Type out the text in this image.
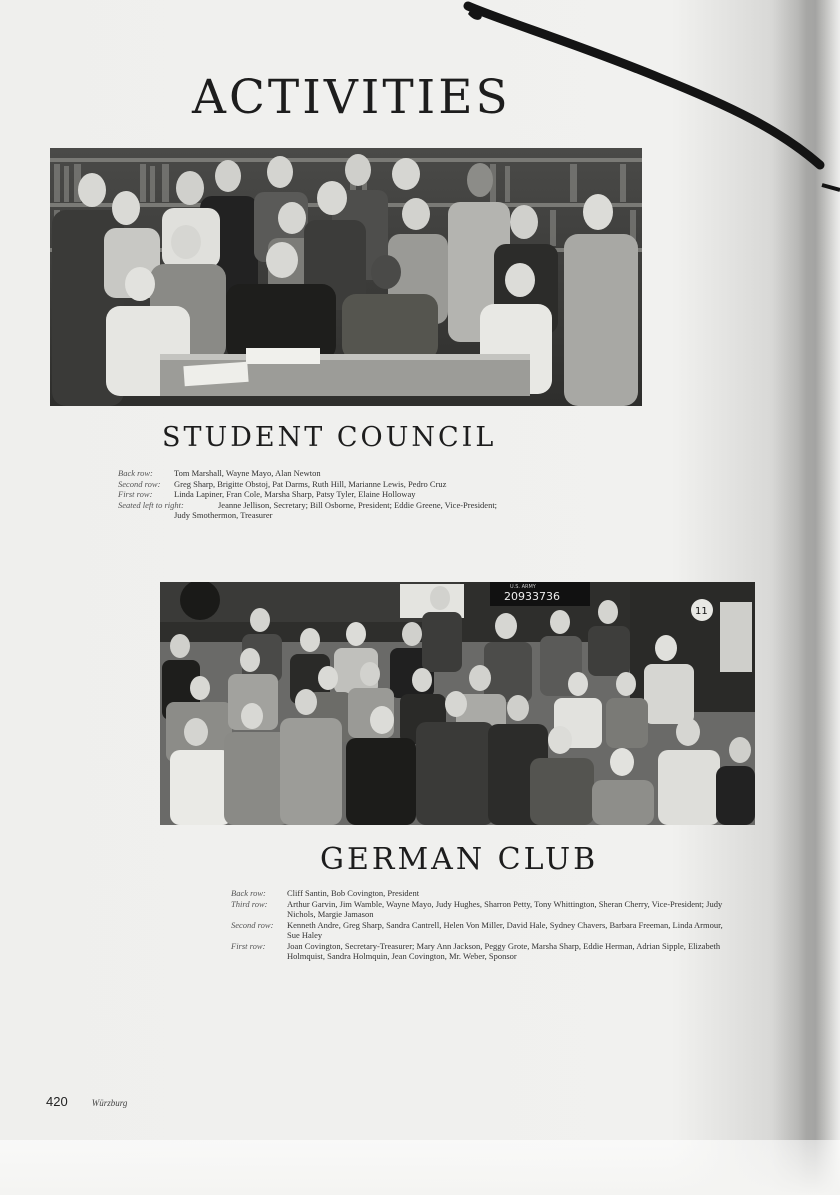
ACTIVITIES
STUDENT COUNCIL
Back row:	Tom Marshall, Wayne Mayo, Alan Newton
Second row:	Greg Sharp, Brigitte Obstoj, Pat Darms, Ruth Hill, Marianne Lewis, Pedro Cruz
First row:	Linda Lapiner, Fran Cole, Marsha Sharp, Patsy Tyler, Elaine Holloway
Seated left to right:	Jeanne Jellison, Secretary; Bill Osborne, President; Eddie Greene, Vice-President;
Judy Smothermon, Treasurer
20933736
U.S. ARMY
11
GERMAN CLUB
Back row:	Cliff Santin, Bob Covington, President
Third row:	Arthur Garvin, Jim Wamble, Wayne Mayo, Judy Hughes, Sharron Petty, Tony Whittington, Sheran Cherry, Vice-President; Judy Nichols, Margie Jamason
Second row:	Kenneth Andre, Greg Sharp, Sandra Cantrell, Helen Von Miller, David Hale, Sydney Chavers, Barbara Freeman, Linda Armour, Sue Haley
First row:	Joan Covington, Secretary-Treasurer; Mary Ann Jackson, Peggy Grote, Marsha Sharp, Eddie Herman, Adrian Sipple, Elizabeth Holmquist, Sandra Holmquin, Jean Covington, Mr. Weber, Sponsor
420	Würzburg
